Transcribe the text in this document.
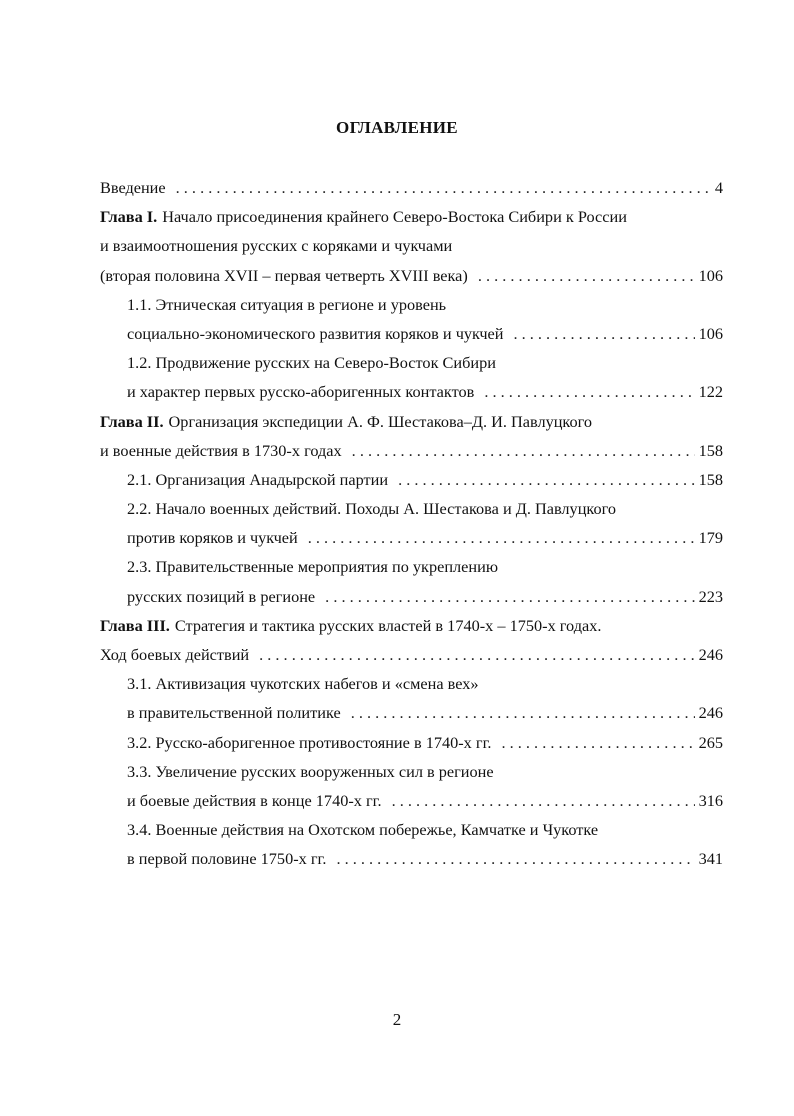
ОГЛАВЛЕНИЕ
Введение . . .	4
Глава I. Начало присоединения крайнего Северо-Востока Сибири к России
и взаимоотношения русских с коряками и чукчами
(вторая половина XVII – первая четверть XVIII века) . . .	106
1.1. Этническая ситуация в регионе и уровень
социально-экономического развития коряков и чукчей . . .	106
1.2. Продвижение русских на Северо-Восток Сибири
и характер первых русско-аборигенных контактов . . .	122
Глава II. Организация экспедиции А. Ф. Шестакова–Д. И. Павлуцкого
и военные действия в 1730-х годах . . .	158
2.1. Организация Анадырской партии . . .	158
2.2. Начало военных действий. Походы А. Шестакова и Д. Павлуцкого
против коряков и чукчей . . .	179
2.3. Правительственные мероприятия по укреплению
русских позиций в регионе . . .	223
Глава III. Стратегия и тактика русских властей в 1740-х – 1750-х годах.
Ход боевых действий . . .	246
3.1. Активизация чукотских набегов и «смена вех»
в правительственной политике . . .	246
3.2. Русско-аборигенное противостояние в 1740-х гг. . . .	265
3.3. Увеличение русских вооруженных сил в регионе
и боевые действия в конце 1740-х гг. . . .	316
3.4. Военные действия на Охотском побережье, Камчатке и Чукотке
в первой половине 1750-х гг. . . .	341
2
